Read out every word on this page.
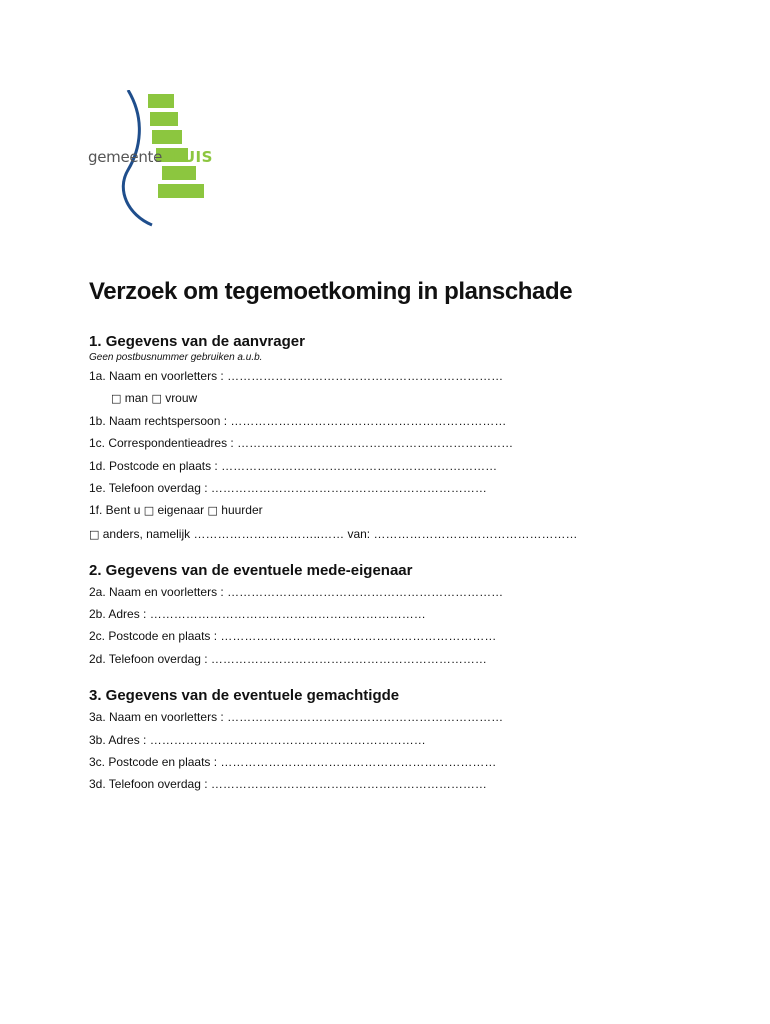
gemeenteSLUIS
Verzoek om tegemoetkoming in planschade
1. Gegevens van de aanvrager
Geen postbusnummer gebruiken a.u.b.
1a. Naam en voorletters : ……………………………………………………………
□ man □ vrouw
1b. Naam rechtspersoon : ……………………………………………………………
1c. Correspondentieadres : ……………………………………………………………
1d. Postcode en plaats : ……………………………………………………………
1e. Telefoon overdag : ……………………………………………………………
1f. Bent u □ eigenaar □ huurder
□ anders, namelijk …………………………..…… van: ……………………………………………
2. Gegevens van de eventuele mede-eigenaar
2a. Naam en voorletters : ……………………………………………………………
2b. Adres : ……………………………………………………………
2c. Postcode en plaats : ……………………………………………………………
2d. Telefoon overdag : ……………………………………………………………
3. Gegevens van de eventuele gemachtigde
3a. Naam en voorletters : ……………………………………………………………
3b. Adres : ……………………………………………………………
3c. Postcode en plaats : ……………………………………………………………
3d. Telefoon overdag : ……………………………………………………………
